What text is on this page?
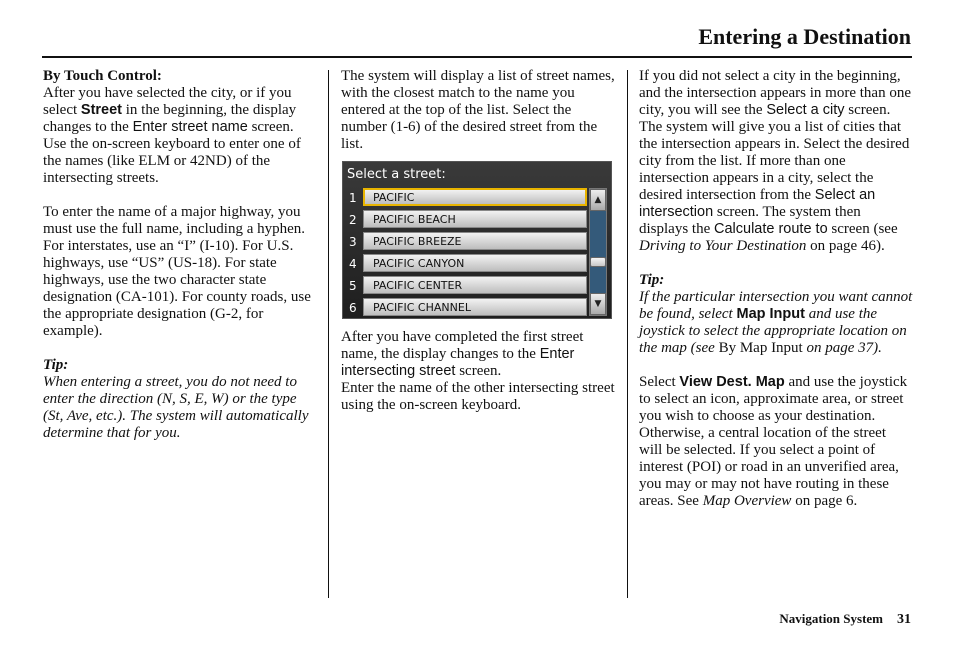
Entering a Destination

By Touch Control:

After you have selected the city, or if you select Street in the beginning, the display changes to the Enter street name screen. Use the on-screen keyboard to enter one of the names (like ELM or 42ND) of the intersecting streets.

To enter the name of a major highway, you must use the full name, including a hyphen. For interstates, use an “I” (I-10). For U.S. highways, use “US” (US-18). For state highways, use the two character state designation (CA-101). For county roads, use the appropriate designation (G-2, for example).

Tip:

When entering a street, you do not need to enter the direction (N, S, E, W) or the type (St, Ave, etc.). The system will automatically determine that for you.

The system will display a list of street names, with the closest match to the name you entered at the top of the list. Select the number (1-6) of the desired street from the list.

Select a street:
1	PACIFIC
2	PACIFIC BEACH
3	PACIFIC BREEZE
4	PACIFIC CANYON
5	PACIFIC CENTER
6	PACIFIC CHANNEL
▲
▼

After you have completed the first street name, the display changes to the Enter intersecting street screen.

Enter the name of the other intersecting street using the on-screen keyboard.

If you did not select a city in the beginning, and the intersection appears in more than one city, you will see the Select a city screen. The system will give you a list of cities that the intersection appears in. Select the desired city from the list. If more than one intersection appears in a city, select the desired intersection from the Select an intersection screen. The system then displays the Calculate route to screen (see Driving to Your Destination on page 46).

Tip:

If the particular intersection you want cannot be found, select Map Input and use the joystick to select the appropriate location on the map (see By Map Input on page 37).

Select View Dest. Map and use the joystick to select an icon, approximate area, or street you wish to choose as your destination. Otherwise, a central location of the street will be selected. If you select a point of interest (POI) or road in an unverified area, you may or may not have routing in these areas. See Map Overview on page 6.

Navigation System 31
